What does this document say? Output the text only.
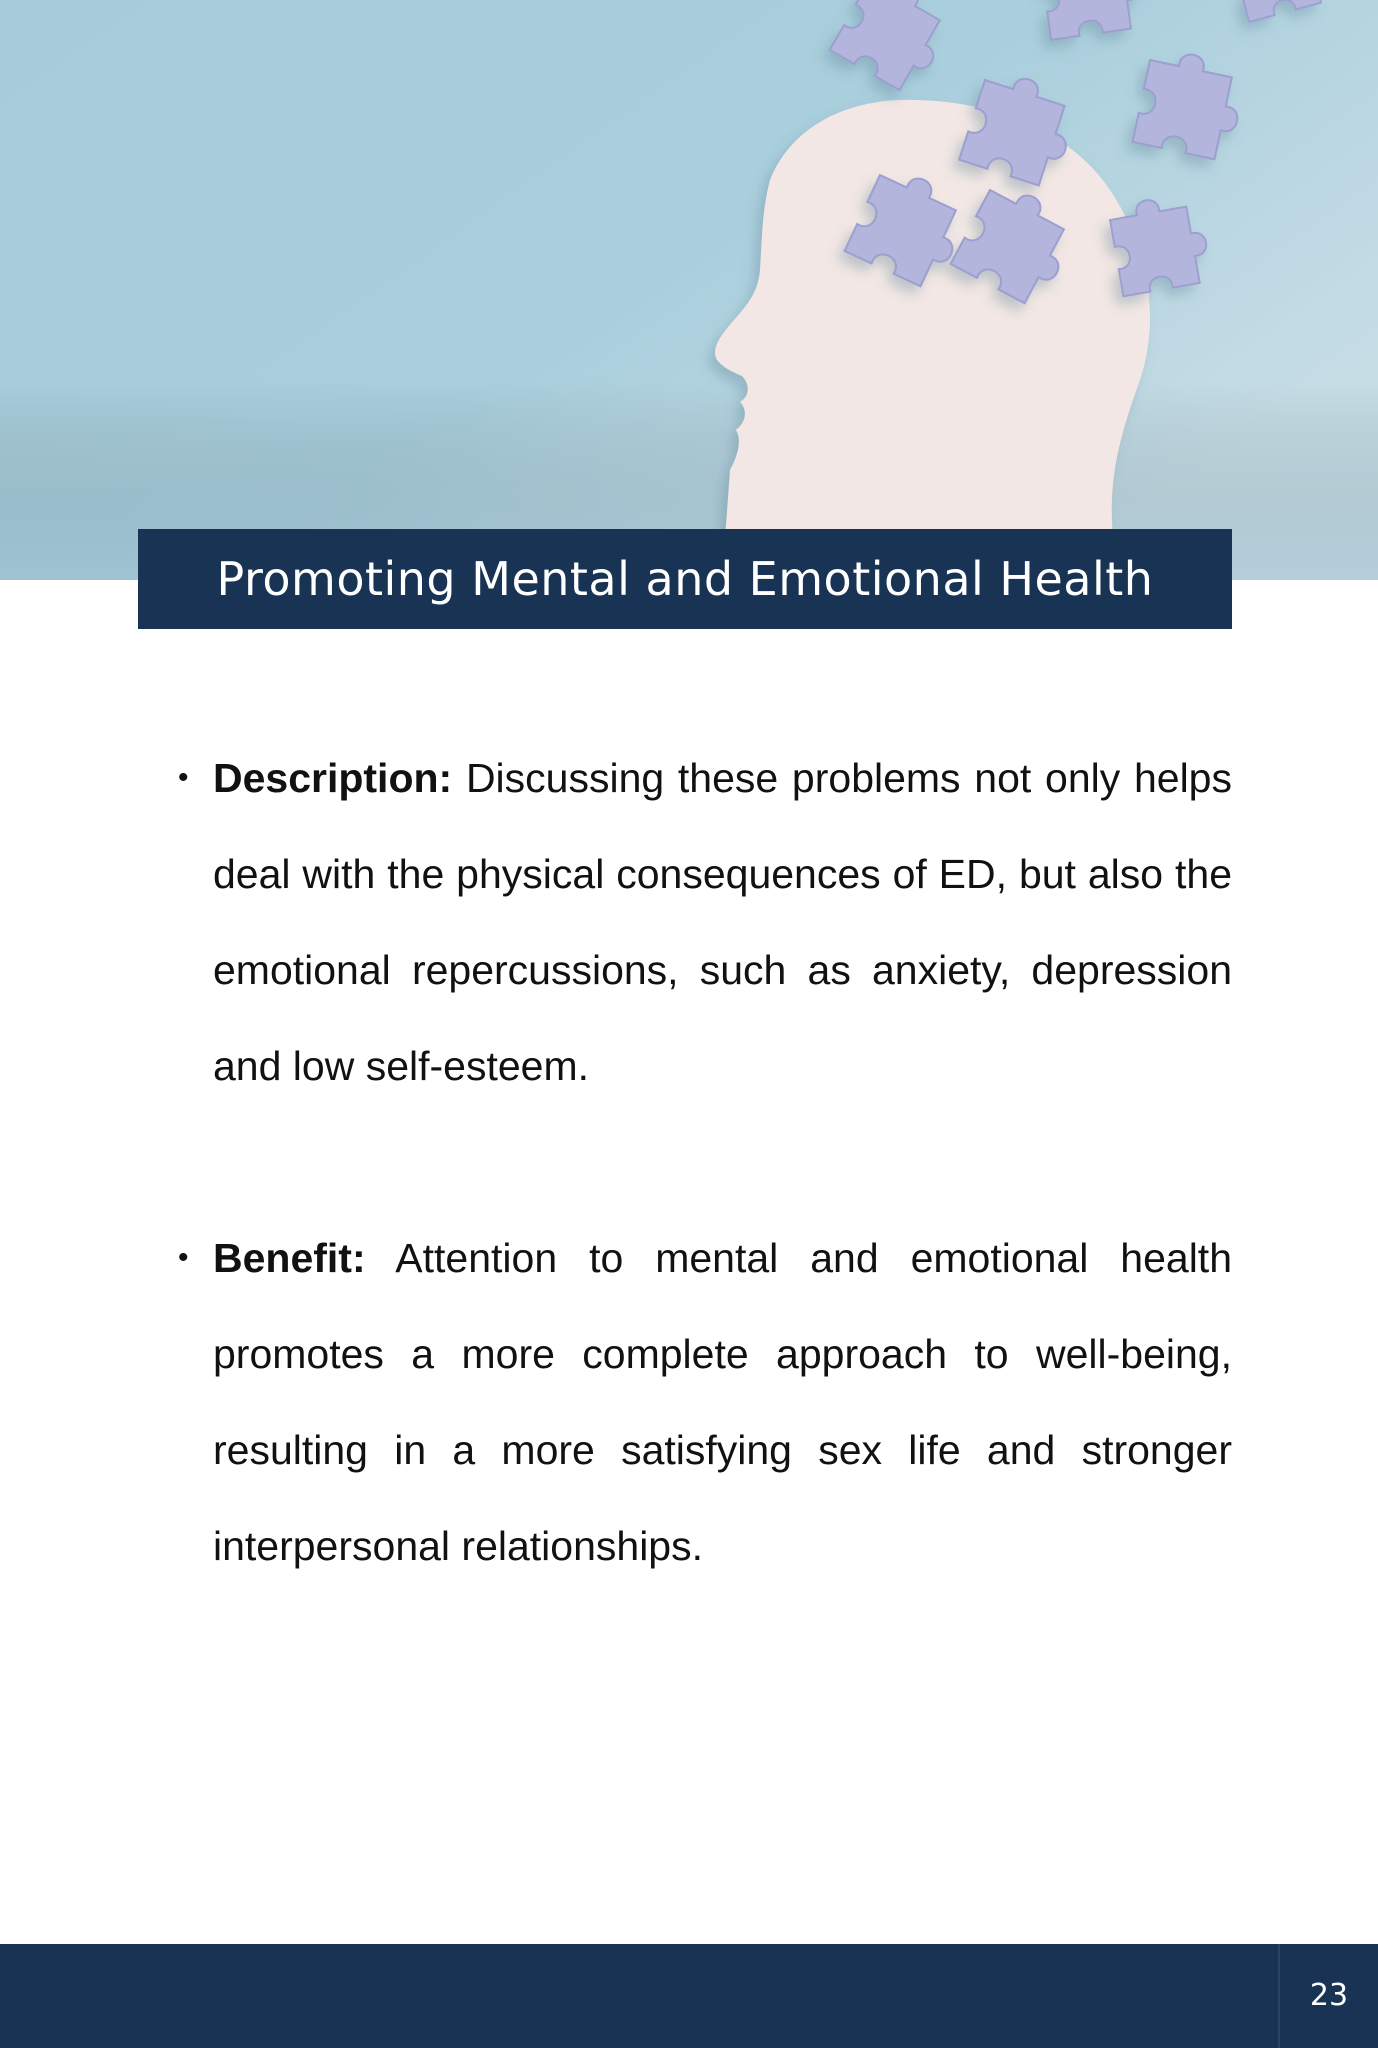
Promoting Mental and Emotional Health

• Description: Discussing these problems not only helps deal with the physical consequences of ED, but also the emotional repercussions, such as anxiety, depression and low self-esteem.

• Benefit: Attention to mental and emotional health promotes a more complete approach to well-being, resulting in a more satisfying sex life and stronger interpersonal relationships.

23
